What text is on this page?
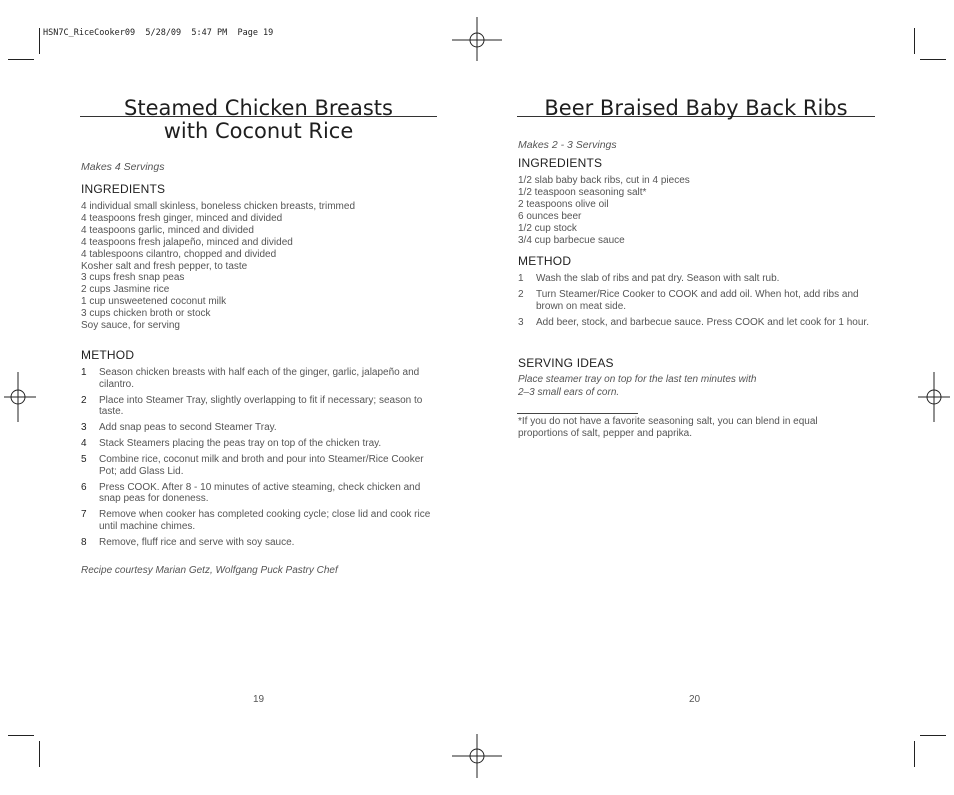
HSN7C_RiceCooker09  5/28/09  5:47 PM  Page 19
Steamed Chicken Breasts
with Coconut Rice
Makes 4 Servings
INGREDIENTS
4 individual small skinless, boneless chicken breasts, trimmed
4 teaspoons fresh ginger, minced and divided
4 teaspoons garlic, minced and divided
4 teaspoons fresh jalapeño, minced and divided
4 tablespoons cilantro, chopped and divided
Kosher salt and fresh pepper, to taste
3 cups fresh snap peas
2 cups Jasmine rice
1 cup unsweetened coconut milk
3 cups chicken broth or stock
Soy sauce, for serving
METHOD
1 Season chicken breasts with half each of the ginger, garlic, jalapeño and cilantro.
2 Place into Steamer Tray, slightly overlapping to fit if necessary; season to taste.
3 Add snap peas to second Steamer Tray.
4 Stack Steamers placing the peas tray on top of the chicken tray.
5 Combine rice, coconut milk and broth and pour into Steamer/Rice Cooker Pot; add Glass Lid.
6 Press COOK. After 8 - 10 minutes of active steaming, check chicken and snap peas for doneness.
7 Remove when cooker has completed cooking cycle; close lid and cook rice until machine chimes.
8 Remove, fluff rice and serve with soy sauce.
Recipe courtesy Marian Getz, Wolfgang Puck Pastry Chef
19
Beer Braised Baby Back Ribs
Makes 2 - 3 Servings
INGREDIENTS
1/2 slab baby back ribs, cut in 4 pieces
1/2 teaspoon seasoning salt*
2 teaspoons olive oil
6 ounces beer
1/2 cup stock
3/4 cup barbecue sauce
METHOD
1 Wash the slab of ribs and pat dry. Season with salt rub.
2 Turn Steamer/Rice Cooker to COOK and add oil. When hot, add ribs and brown on meat side.
3 Add beer, stock, and barbecue sauce. Press COOK and let cook for 1 hour.
SERVING IDEAS
Place steamer tray on top for the last ten minutes with
2–3 small ears of corn.
*If you do not have a favorite seasoning salt, you can blend in equal proportions of salt, pepper and paprika.
20
